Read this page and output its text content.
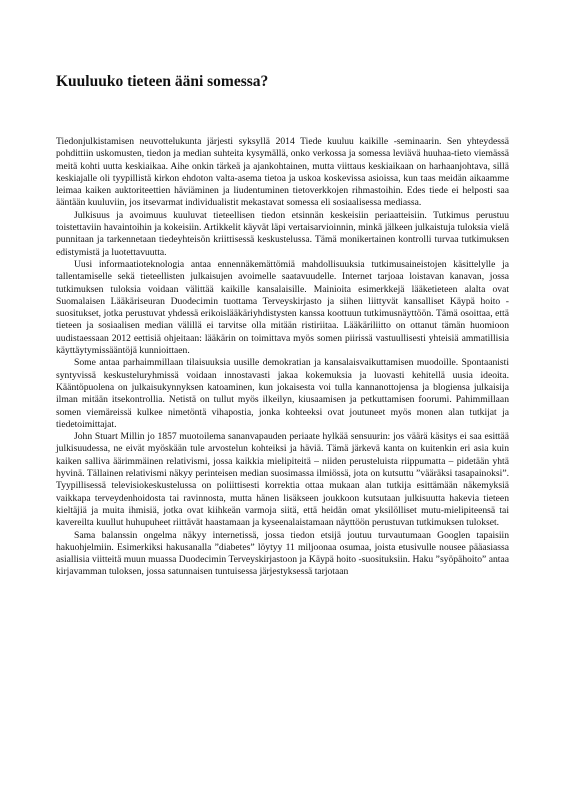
Kuuluuko tieteen ääni somessa?

Tiedonjulkistamisen neuvottelukunta järjesti syksyllä 2014 Tiede kuuluu kaikille -seminaarin. Sen yhteydessä pohdittiin uskomusten, tiedon ja median suhteita kysymällä, onko verkossa ja somessa leviävä huuhaa-tieto viemässä meitä kohti uutta keskiaikaa. Aihe onkin tärkeä ja ajankohtainen, mutta viittaus keskiaikaan on harhaanjohtava, sillä keskiajalle oli tyypillistä kirkon ehdoton valta-asema tietoa ja uskoa koskevissa asioissa, kun taas meidän aikaamme leimaa kaiken auktoriteettien häviäminen ja liudentuminen tietoverkkojen rihmastoihin. Edes tiede ei helposti saa ääntään kuuluviin, jos itsevarmat individualistit mekastavat somessa eli sosiaalisessa mediassa.

Julkisuus ja avoimuus kuuluvat tieteellisen tiedon etsinnän keskeisiin periaatteisiin. Tutkimus perustuu toistettaviin havaintoihin ja kokeisiin. Artikkelit käyvät läpi vertaisarvioinnin, minkä jälkeen julkaistuja tuloksia vielä punnitaan ja tarkennetaan tiedeyhteisön kriittisessä keskustelussa. Tämä monikertainen kontrolli turvaa tutkimuksen edistymistä ja luotettavuutta.

Uusi informaatioteknologia antaa ennennäkemättömiä mahdollisuuksia tutkimusaineistojen käsittelylle ja tallentamiselle sekä tieteellisten julkaisujen avoimelle saatavuudelle. Internet tarjoaa loistavan kanavan, jossa tutkimuksen tuloksia voidaan välittää kaikille kansalaisille. Mainioita esimerkkejä lääketieteen alalta ovat Suomalaisen Lääkäriseuran Duodecimin tuottama Terveyskirjasto ja siihen liittyvät kansalliset Käypä hoito -suositukset, jotka perustuvat yhdessä erikoislääkäriyhdistysten kanssa koottuun tutkimusnäyttöön. Tämä osoittaa, että tieteen ja sosiaalisen median välillä ei tarvitse olla mitään ristiriitaa. Lääkäriliitto on ottanut tämän huomioon uudistaessaan 2012 eettisiä ohjeitaan: lääkärin on toimittava myös somen piirissä vastuullisesti yhteisiä ammatillisia käyttäytymissääntöjä kunnioittaen.

Some antaa parhaimmillaan tilaisuuksia uusille demokratian ja kansalaisvaikuttamisen muodoille. Spontaanisti syntyvissä keskusteluryhmissä voidaan innostavasti jakaa kokemuksia ja luovasti kehitellä uusia ideoita. Kääntöpuolena on julkaisukynnyksen katoaminen, kun jokaisesta voi tulla kannanottojensa ja blogiensa julkaisija ilman mitään itsekontrollia. Netistä on tullut myös ilkeilyn, kiusaamisen ja petkuttamisen foorumi. Pahimmillaan somen viemäreissä kulkee nimetöntä vihapostia, jonka kohteeksi ovat joutuneet myös monen alan tutkijat ja tiedetoimittajat.

John Stuart Millin jo 1857 muotoilema sananvapauden periaate hylkää sensuurin: jos väärä käsitys ei saa esittää julkisuudessa, ne eivät myöskään tule arvostelun kohteiksi ja häviä. Tämä järkevä kanta on kuitenkin eri asia kuin kaiken salliva äärimmäinen relativismi, jossa kaikkia mielipiteitä – niiden perusteluista riippumatta – pidetään yhtä hyvinä. Tällainen relativismi näkyy perinteisen median suosimassa ilmiössä, jota on kutsuttu ”vääräksi tasapainoksi”. Tyypillisessä televisiokeskustelussa on poliittisesti korrektia ottaa mukaan alan tutkija esittämään näkemyksiä vaikkapa terveydenhoidosta tai ravinnosta, mutta hänen lisäkseen joukkoon kutsutaan julkisuutta hakevia tieteen kieltäjiä ja muita ihmisiä, jotka ovat kiihkeän varmoja siitä, että heidän omat yksilölliset mutu-mielipiteensä tai kavereilta kuullut huhupuheet riittävät haastamaan ja kyseenalaistamaan näyttöön perustuvan tutkimuksen tulokset.

Sama balanssin ongelma näkyy internetissä, jossa tiedon etsijä joutuu turvautumaan Googlen tapaisiin hakuohjelmiin. Esimerkiksi hakusanalla ”diabetes” löytyy 11 miljoonaa osumaa, joista etusivulle nousee pääasiassa asiallisia viitteitä muun muassa Duodecimin Terveyskirjastoon ja Käypä hoito -suosituksiin. Haku ”syöpähoito” antaa kirjavamman tuloksen, jossa satunnaisen tuntuisessa järjestyksessä tarjotaan
